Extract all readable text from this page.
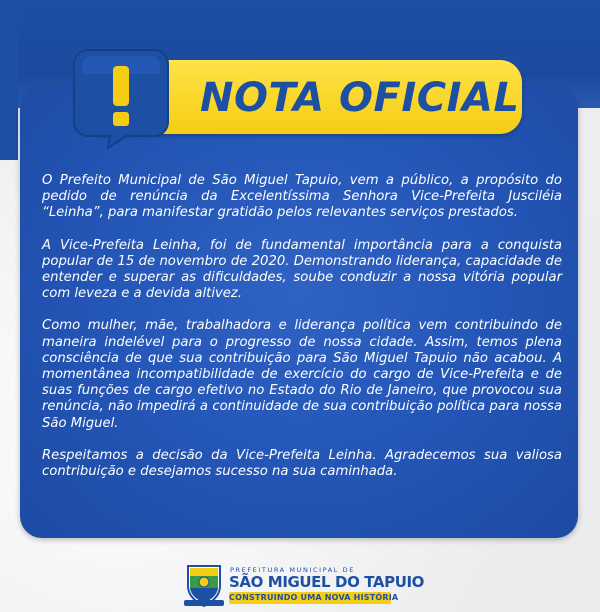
NOTA OFICIAL

O Prefeito Municipal de São Miguel Tapuio, vem a público, a propósito do pedido de renúncia da Excelentíssima Senhora Vice-Prefeita Jusciléia “Leinha”, para manifestar gratidão pelos relevantes serviços prestados.

A Vice-Prefeita Leinha, foi de fundamental importância para a conquista popular de 15 de novembro de 2020. Demonstrando liderança, capacidade de entender e superar as dificuldades, soube conduzir a nossa vitória popular com leveza e a devida altivez.

Como mulher, mãe, trabalhadora e liderança política vem contribuindo de maneira indelével para o progresso de nossa cidade. Assim, temos plena consciência de que sua contribuição para São Miguel Tapuio não acabou. A momentânea incompatibilidade de exercício do cargo de Vice-Prefeita e de suas funções de cargo efetivo no Estado do Rio de Janeiro, que provocou sua renúncia, não impedirá a continuidade de sua contribuição política para nossa São Miguel.

Respeitamos a decisão da Vice-Prefeita Leinha. Agradecemos sua valiosa contribuição e desejamos sucesso na sua caminhada.

PREFEITURA MUNICIPAL DE
SÃO MIGUEL DO TAPUIO
CONSTRUINDO UMA NOVA HISTÓRIA
